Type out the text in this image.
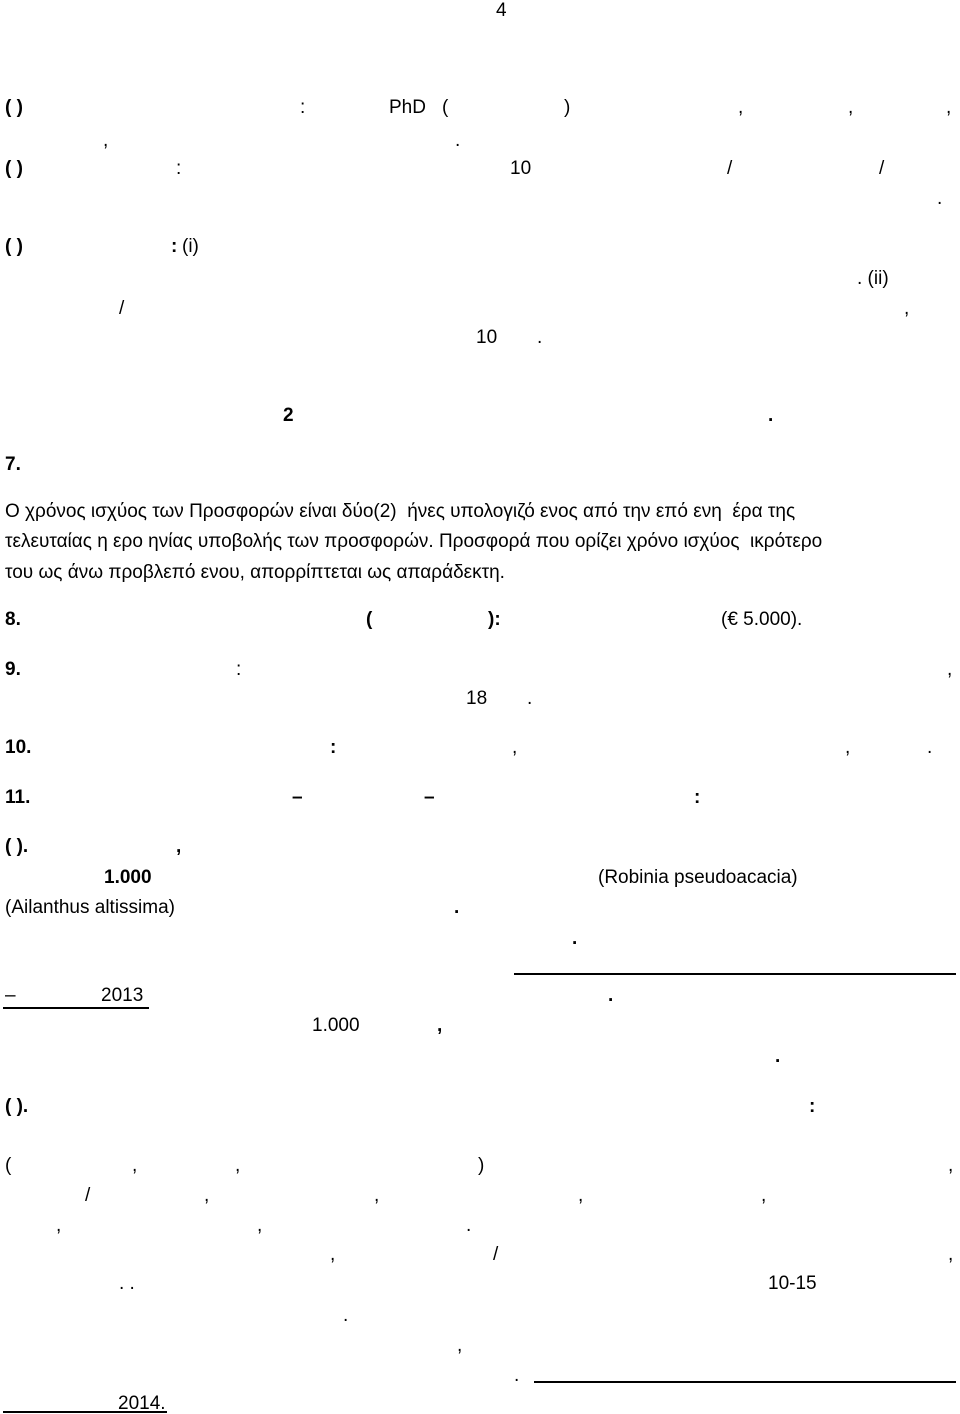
4
( )	:	PhD (	)	,	,	,
,	.
( )	:	10	/	/
.
( )	: (i)
. (ii)
/	,
10 .
2	.
7.
Ο χρόνος ισχύος των Προσφορών είναι δύο(2)  ήνες υπολογιζό ενος από την επό ενη  έρα της
τελευταίας η ερο ηνίας υποβολής των προσφορών. Προσφορά που ορίζει χρόνο ισχύος  ικρότερο
του ως άνω προβλεπό ενου, απορρίπτεται ως απαράδεκτη.
8.	(	):	(€ 5.000).
9.	:	,
18 .
10.	:	,	,	.
11.	–	–	:
( ).	,
1.000	(Robinia pseudoacacia)
(Ailanthus altissima)	.
.
–	2013	.
1.000	,
.
( ).	:
(	,	,	)	,
/	,	,	,	,
,	,	.
,	/	,
. .	10-15
.
,
.
2014.
